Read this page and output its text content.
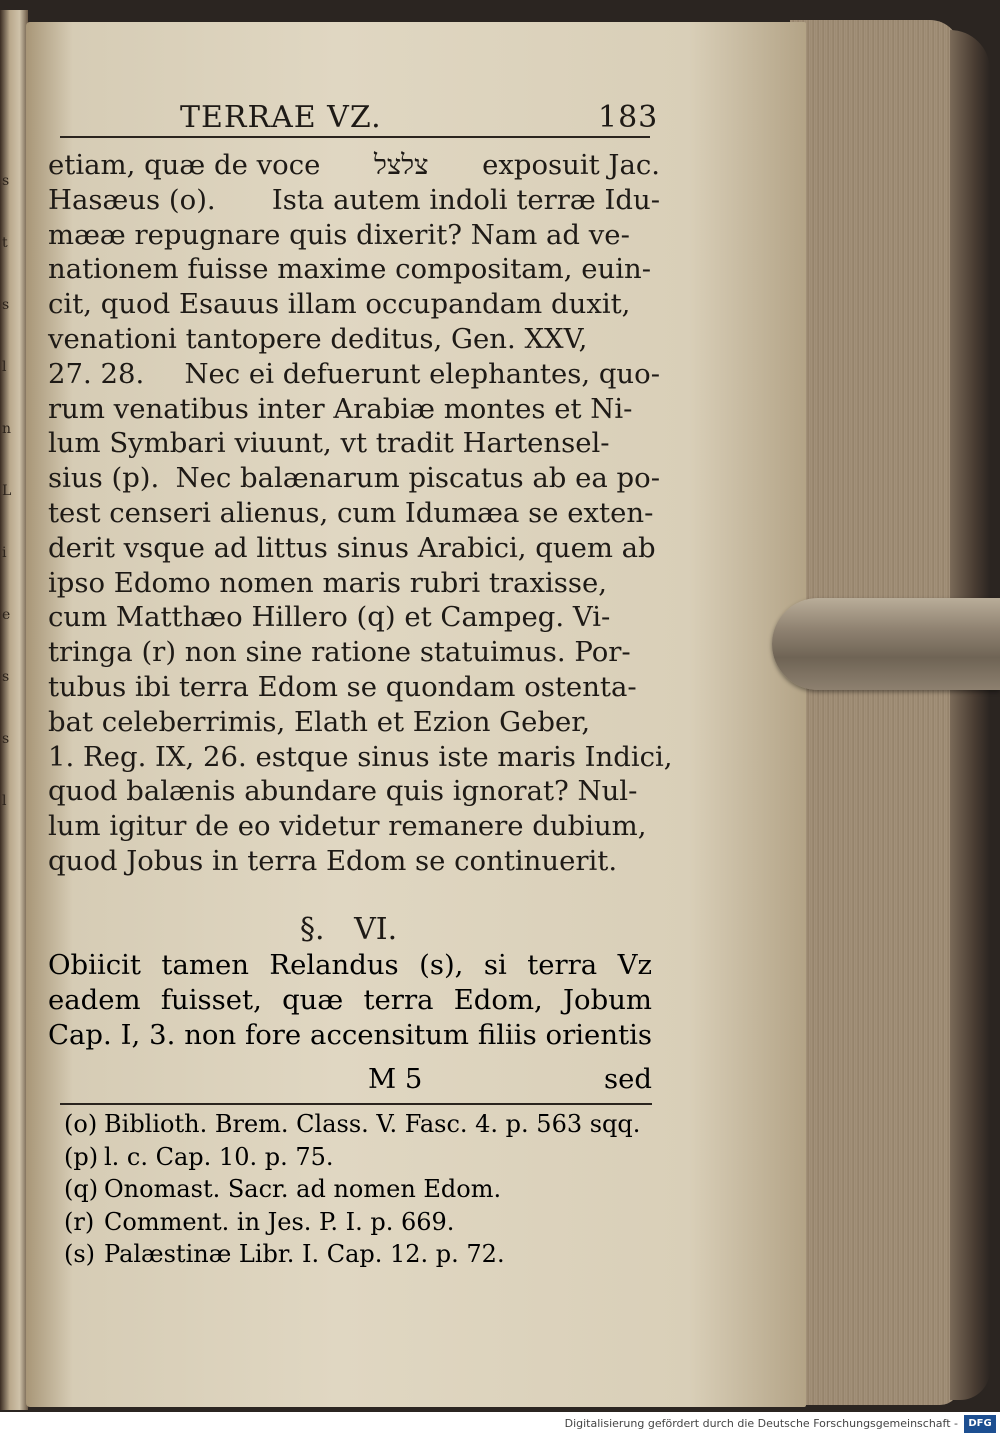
s
t
s
l
n
L
i
e
s
s
l
TERRAE VZ.	183
etiam, quæ de voce צלצל exposuit Jac.
Hasæus (o). Ista autem indoli terræ Idu-
mææ repugnare quis dixerit? Nam ad ve-
nationem fuisse maxime compositam, euin-
cit, quod Esauus illam occupandam duxit,
venationi tantopere deditus, Gen. XXV,
27. 28. Nec ei defuerunt elephantes, quo-
rum venatibus inter Arabiæ montes et Ni-
lum Symbari viuunt, vt tradit Hartensel-
sius (p). Nec balænarum piscatus ab ea po-
test censeri alienus, cum Idumæa se exten-
derit vsque ad littus sinus Arabici, quem ab
ipso Edomo nomen maris rubri traxisse,
cum Matthæo Hillero (q) et Campeg. Vi-
tringa (r) non sine ratione statuimus. Por-
tubus ibi terra Edom se quondam ostenta-
bat celeberrimis, Elath et Ezion Geber,
1. Reg. IX, 26. estque sinus iste maris Indici,
quod balænis abundare quis ignorat? Nul-
lum igitur de eo videtur remanere dubium,
quod Jobus in terra Edom se continuerit.
§. VI.
Obiicit tamen Relandus (s), si terra Vz
eadem fuisset, quæ terra Edom, Jobum
Cap. I, 3. non fore accensitum filiis orientis
M 5	sed
(o) Biblioth. Brem. Class. V. Fasc. 4. p. 563 sqq.
(p) l. c. Cap. 10. p. 75.
(q) Onomast. Sacr. ad nomen Edom.
(r) Comment. in Jes. P. I. p. 669.
(s) Palæstinæ Libr. I. Cap. 12. p. 72.
Digitalisierung gefördert durch die Deutsche Forschungsgemeinschaft -	DFG
